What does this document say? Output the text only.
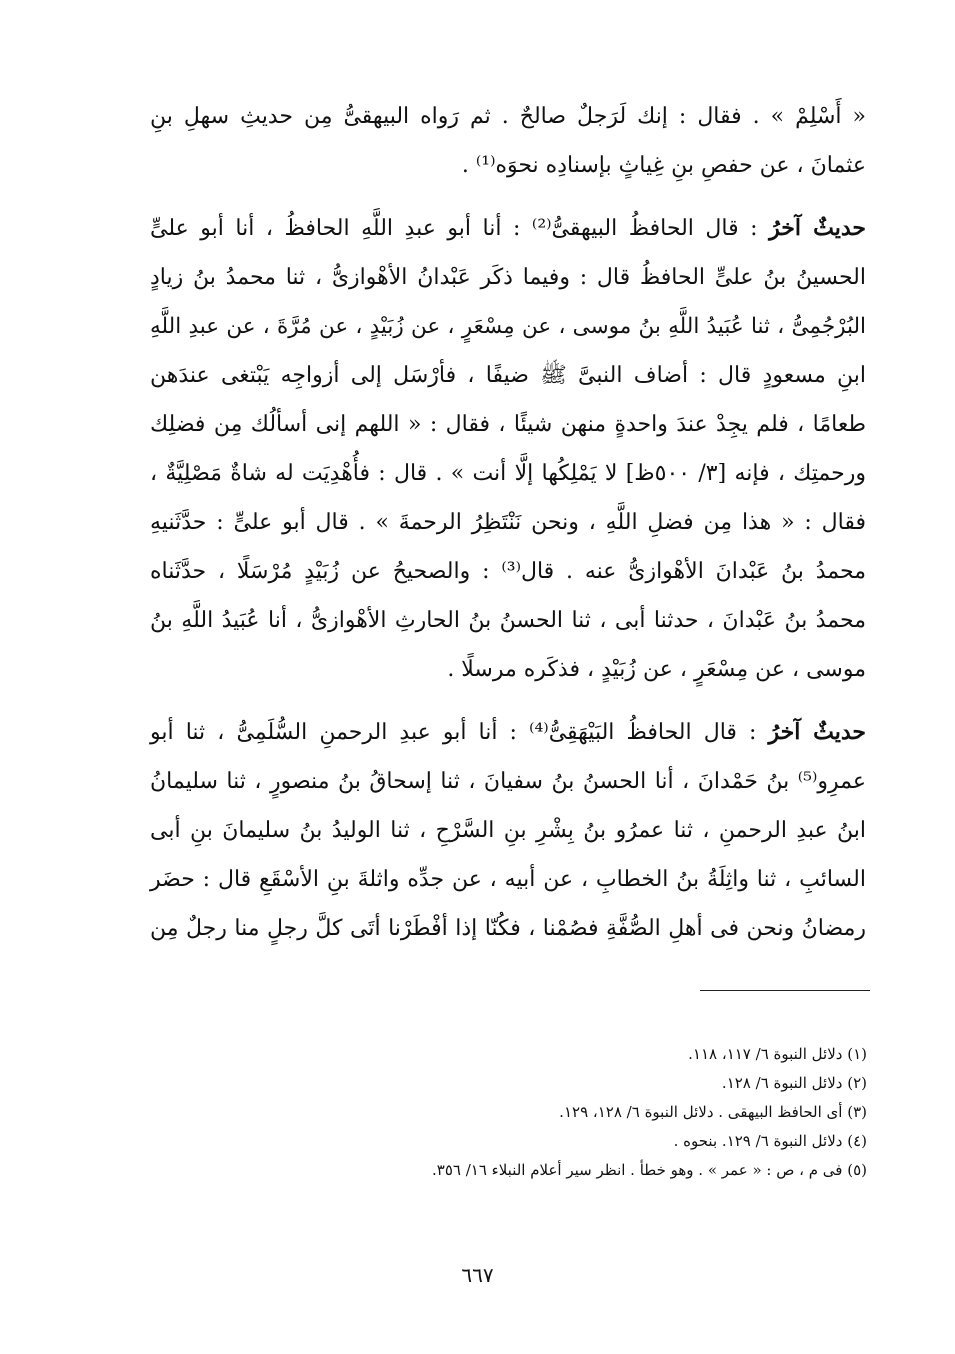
« أَسْلِمْ » . فقال : إنك لَرَجلٌ صالحٌ . ثم رَواه البيهقىُّ مِن حديثِ سهلِ بنِ
عثمانَ ، عن حفصِ بنِ غِياثٍ بإسنادِه نحوَه⁽¹⁾ .
حديثٌ آخرُ : قال الحافظُ البيهقىُّ⁽²⁾ : أنا أبو عبدِ اللَّهِ الحافظُ ، أنا أبو علىٍّ
الحسينُ بنُ علىٍّ الحافظُ قال : وفيما ذكَر عَبْدانُ الأهْوازىُّ ، ثنا محمدُ بنُ زيادٍ
البُرْجُمِىُّ ، ثنا عُبَيدُ اللَّهِ بنُ موسى ، عن مِسْعَرٍ ، عن زُبَيْدٍ ، عن مُرَّةَ ، عن عبدِ اللَّهِ
ابنِ مسعودٍ قال : أضاف النبىَّ ﷺ ضيفًا ، فأرْسَل إلى أزواجِه يَبْتغى عندَهن
طعامًا ، فلم يجِدْ عندَ واحدةٍ منهن شيئًا ، فقال : « اللهم إنى أسألُك مِن فضلِك
ورحمتِك ، فإنه [٣/ ٥٠٠ظ] لا يَمْلِكُها إلَّا أنت » . قال : فأُهْدِيَت له شاةٌ مَصْلِيَّةٌ ،
فقال : « هذا مِن فضلِ اللَّهِ ، ونحن نَنْتَظِرُ الرحمةَ » . قال أبو علىٍّ : حدَّثَنيهِ
محمدُ بنُ عَبْدانَ الأهْوازىُّ عنه . قال⁽³⁾ : والصحيحُ عن زُبَيْدٍ مُرْسَلًا ، حدَّثَناه
محمدُ بنُ عَبْدانَ ، حدثنا أبى ، ثنا الحسنُ بنُ الحارثِ الأهْوازىُّ ، أنا عُبَيدُ اللَّهِ بنُ
موسى ، عن مِسْعَرٍ ، عن زُبَيْدٍ ، فذكَره مرسلًا .
حديثٌ آخرُ : قال الحافظُ البَيْهَقِىُّ⁽⁴⁾ : أنا أبو عبدِ الرحمنِ السُّلَمِىُّ ، ثنا أبو
عمرِو⁽⁵⁾ بنُ حَمْدانَ ، أنا الحسنُ بنُ سفيانَ ، ثنا إسحاقُ بنُ منصورٍ ، ثنا سليمانُ
ابنُ عبدِ الرحمنِ ، ثنا عمرُو بنُ بِشْرِ بنِ السَّرْحِ ، ثنا الوليدُ بنُ سليمانَ بنِ أبى
السائبِ ، ثنا واثِلَةُ بنُ الخطابِ ، عن أبيه ، عن جدِّه واثلةَ بنِ الأسْقَعِ قال : حضَر
رمضانُ ونحن فى أهلِ الصُّفَّةِ فصُمْنا ، فكُنّا إذا أفْطَرْنا أتَى كلَّ رجلٍ منا رجلٌ مِن
(١) دلائل النبوة ٦/ ١١٧، ١١٨.
(٢) دلائل النبوة ٦/ ١٢٨.
(٣) أى الحافظ البيهقى . دلائل النبوة ٦/ ١٢٨، ١٢٩.
(٤) دلائل النبوة ٦/ ١٢٩. بنحوه .
(٥) فى م ، ص : « عمر » . وهو خطأ . انظر سير أعلام النبلاء ١٦/ ٣٥٦.
٦٦٧
